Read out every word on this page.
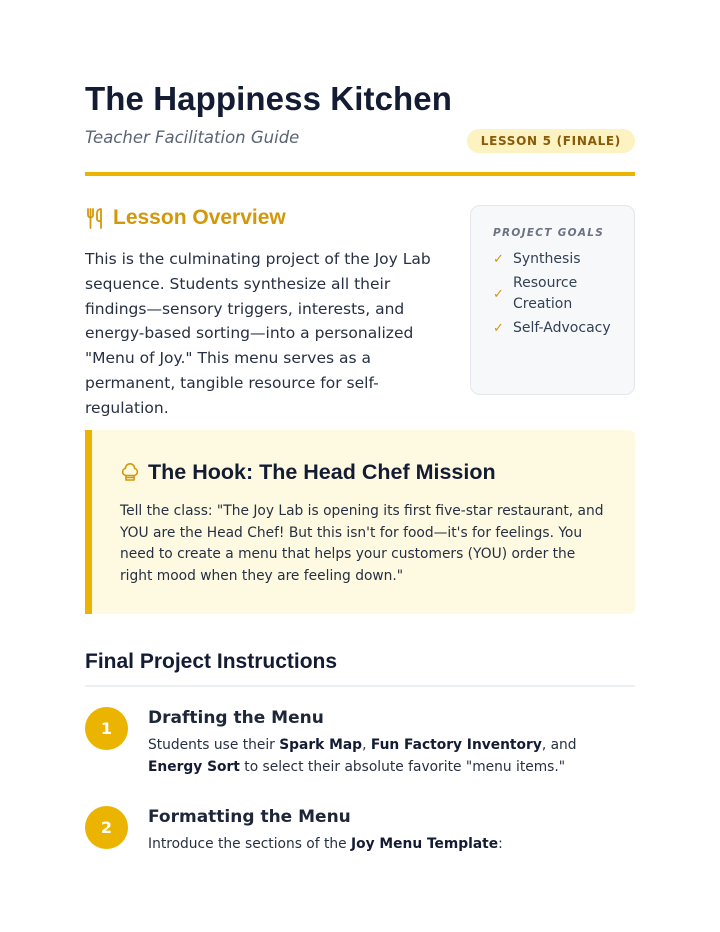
The Happiness Kitchen
Teacher Facilitation Guide	LESSON 5 (FINALE)
Lesson Overview

This is the culminating project of the Joy Lab sequence. Students synthesize all their findings—sensory triggers, interests, and energy-based sorting—into a personalized "Menu of Joy." This menu serves as a permanent, tangible resource for self-regulation.

PROJECT GOALS
✓ Synthesis
✓
Resource Creation
✓ Self-Advocacy
The Hook: The Head Chef Mission

Tell the class: "The Joy Lab is opening its first five-star restaurant, and YOU are the Head Chef! But this isn't for food—it's for feelings. You need to create a menu that helps your customers (YOU) order the right mood when they are feeling down."

Final Project Instructions
1
Drafting the Menu

Students use their Spark Map, Fun Factory Inventory, and Energy Sort to select their absolute favorite "menu items."

2
Formatting the Menu

Introduce the sections of the Joy Menu Template:
